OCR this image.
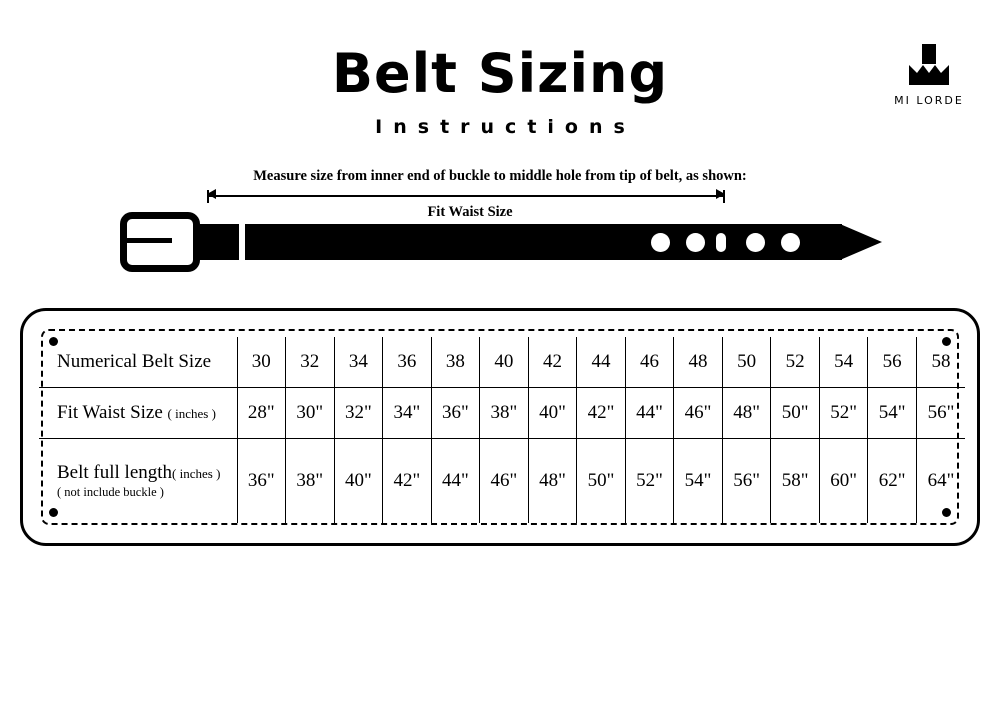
Belt Sizing
Instructions
MI LORDE
Measure size from inner end of buckle to middle hole from tip of belt, as shown:
Fit Waist Size
Numerical Belt Size	30	32	34	36	38	40	42	44	46	48	50	52	54	56	58
Fit Waist Size ( inches )	28"	30"	32"	34"	36"	38"	40"	42"	44"	46"	48"	50"	52"	54"	56"
Belt full length( inches )
( not include buckle )	36"	38"	40"	42"	44"	46"	48"	50"	52"	54"	56"	58"	60"	62"	64"
